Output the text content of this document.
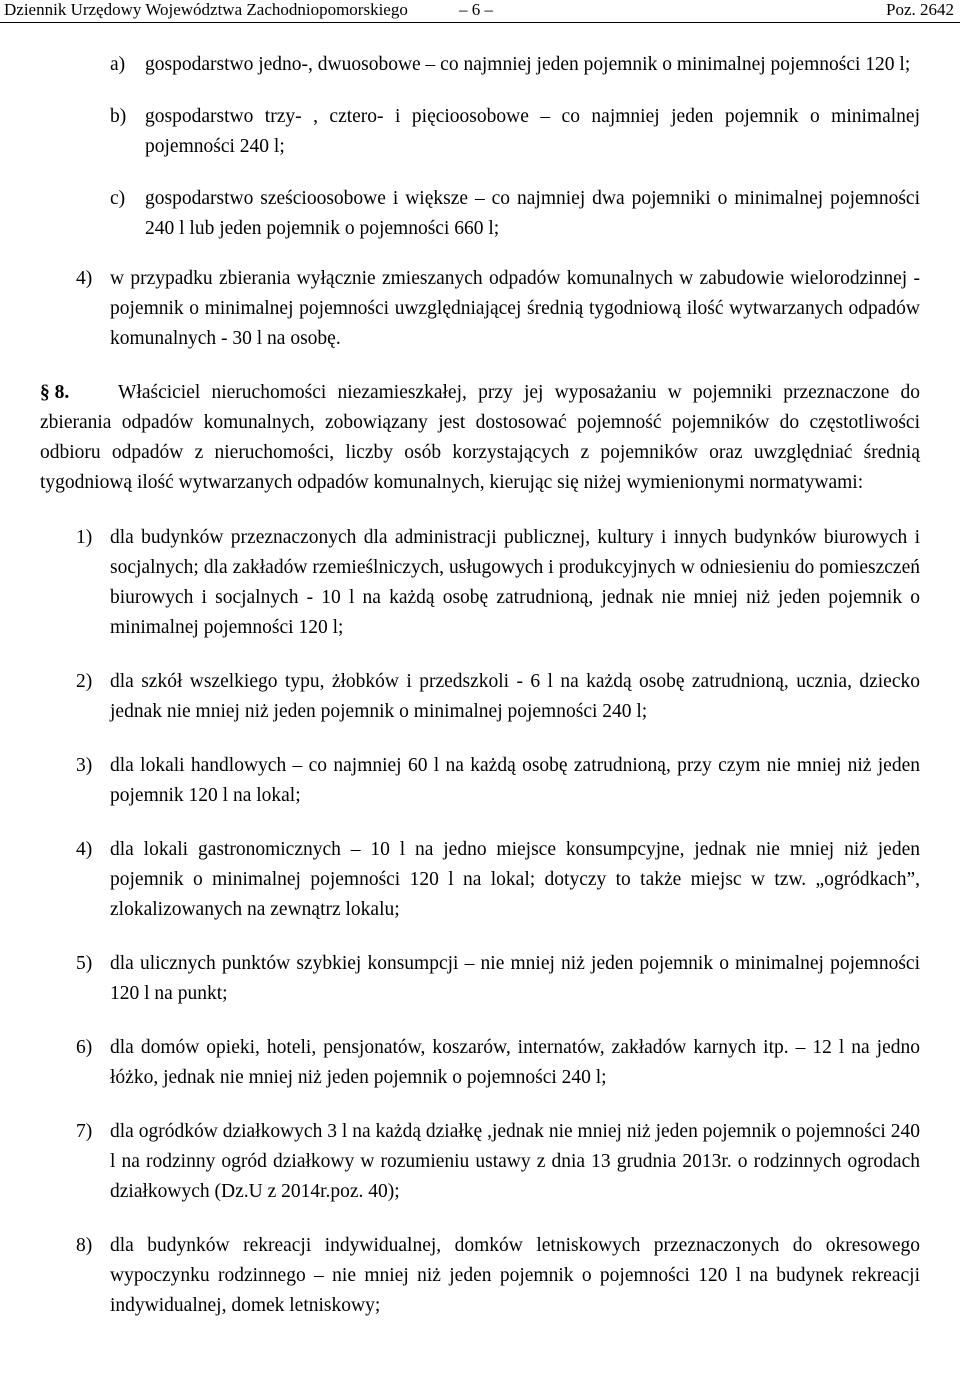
Dziennik Urzędowy Województwa Zachodniopomorskiego	– 6 –	Poz. 2642
a) gospodarstwo jedno-, dwuosobowe – co najmniej jeden pojemnik o minimalnej pojemności 120 l;
b) gospodarstwo trzy- , cztero- i pięcioosobowe – co najmniej jeden pojemnik o minimalnej pojemności 240 l;
c) gospodarstwo sześcioosobowe i większe – co najmniej dwa pojemniki o minimalnej pojemności 240 l lub jeden pojemnik o pojemności 660 l;
4) w przypadku zbierania wyłącznie zmieszanych odpadów komunalnych w zabudowie wielorodzinnej - pojemnik o minimalnej pojemności uwzględniającej średnią tygodniową ilość wytwarzanych odpadów komunalnych - 30 l na osobę.
§ 8.	Właściciel nieruchomości niezamieszkałej, przy jej wyposażaniu w pojemniki przeznaczone do zbierania odpadów komunalnych, zobowiązany jest dostosować pojemność pojemników do częstotliwości odbioru odpadów z nieruchomości, liczby osób korzystających z pojemników oraz uwzględniać średnią tygodniową ilość wytwarzanych odpadów komunalnych, kierując się niżej wymienionymi normatywami:
1) dla budynków przeznaczonych dla administracji publicznej, kultury i innych budynków biurowych i socjalnych; dla zakładów rzemieślniczych, usługowych i produkcyjnych w odniesieniu do pomieszczeń biurowych i socjalnych - 10 l na każdą osobę zatrudnioną, jednak nie mniej niż jeden pojemnik o minimalnej pojemności 120 l;
2) dla szkół wszelkiego typu, żłobków i przedszkoli - 6 l na każdą osobę zatrudnioną, ucznia, dziecko jednak nie mniej niż jeden pojemnik o minimalnej pojemności 240 l;
3) dla lokali handlowych – co najmniej 60 l na każdą osobę zatrudnioną, przy czym nie mniej niż jeden pojemnik 120 l na lokal;
4) dla lokali gastronomicznych – 10 l na jedno miejsce konsumpcyjne, jednak nie mniej niż jeden pojemnik o minimalnej pojemności 120 l na lokal; dotyczy to także miejsc w tzw. „ogródkach”, zlokalizowanych na zewnątrz lokalu;
5) dla ulicznych punktów szybkiej konsumpcji – nie mniej niż jeden pojemnik o minimalnej pojemności 120 l na punkt;
6) dla domów opieki, hoteli, pensjonatów, koszarów, internatów, zakładów karnych itp. – 12 l na jedno łóżko, jednak nie mniej niż jeden pojemnik o pojemności 240 l;
7) dla ogródków działkowych 3 l na każdą działkę ,jednak nie mniej niż jeden pojemnik o pojemności 240 l na rodzinny ogród działkowy w rozumieniu ustawy z dnia 13 grudnia 2013r. o rodzinnych ogrodach działkowych (Dz.U z 2014r.poz. 40);
8) dla budynków rekreacji indywidualnej, domków letniskowych przeznaczonych do okresowego wypoczynku rodzinnego – nie mniej niż jeden pojemnik o pojemności 120 l na budynek rekreacji indywidualnej, domek letniskowy;
